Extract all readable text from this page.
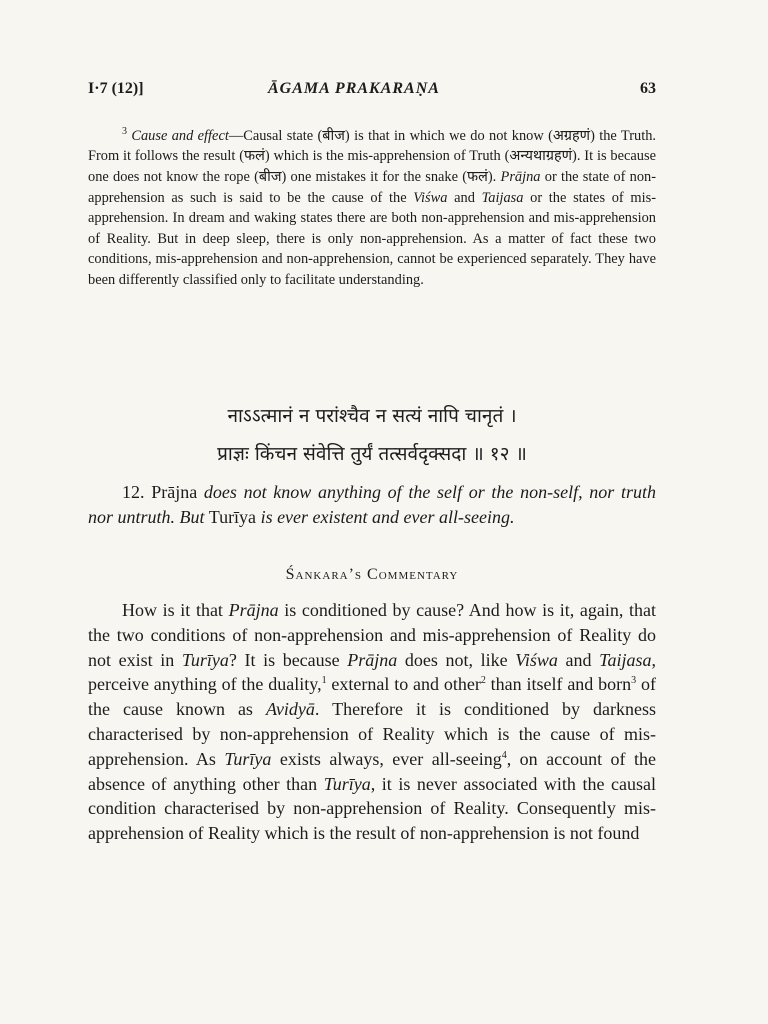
I·7 (12)]	ĀGAMA PRAKARAṆA	63
$^3$ Cause and effect—Causal state (बीज) is that in which we do not know (अग्रहणं) the Truth. From it follows the result (फलं) which is the mis-apprehension of Truth (अन्यथाग्रहणं). It is because one does not know the rope (बीज) one mistakes it for the snake (फलं). Prājna or the state of non-apprehension as such is said to be the cause of the Viśwa and Taijasa or the states of mis-apprehension. In dream and waking states there are both non-apprehension and mis-apprehension of Reality. But in deep sleep, there is only non-apprehension. As a matter of fact these two conditions, mis-apprehension and non-apprehension, cannot be experienced separately. They have been differently classified only to facilitate understanding.
नाऽऽत्मानं न परांश्चैव न सत्यं नापि चानृतं ।
प्राज्ञः किंचन संवेत्ति तुर्यं तत्सर्वदृक्सदा ॥ १२ ॥
12. Prājna does not know anything of the self or the non-self, nor truth nor untruth. But Turīya is ever existent and ever all-seeing.
Śankara’s Commentary

How is it that Prājna is conditioned by cause? And how is it, again, that the two conditions of non-apprehension and mis-apprehension of Reality do not exist in Turīya? It is because Prājna does not, like Viśwa and Taijasa, perceive anything of the duality,$^1$ external to and other$^2$ than itself and born$^3$ of the cause known as Avidyā. Therefore it is conditioned by darkness characterised by non-apprehension of Reality which is the cause of mis-apprehension. As Turīya exists always, ever all-seeing$^4$, on account of the absence of anything other than Turīya, it is never associated with the causal condition characterised by non-apprehension of Reality. Consequently mis-apprehension of Reality which is the result of non-apprehension is not found
